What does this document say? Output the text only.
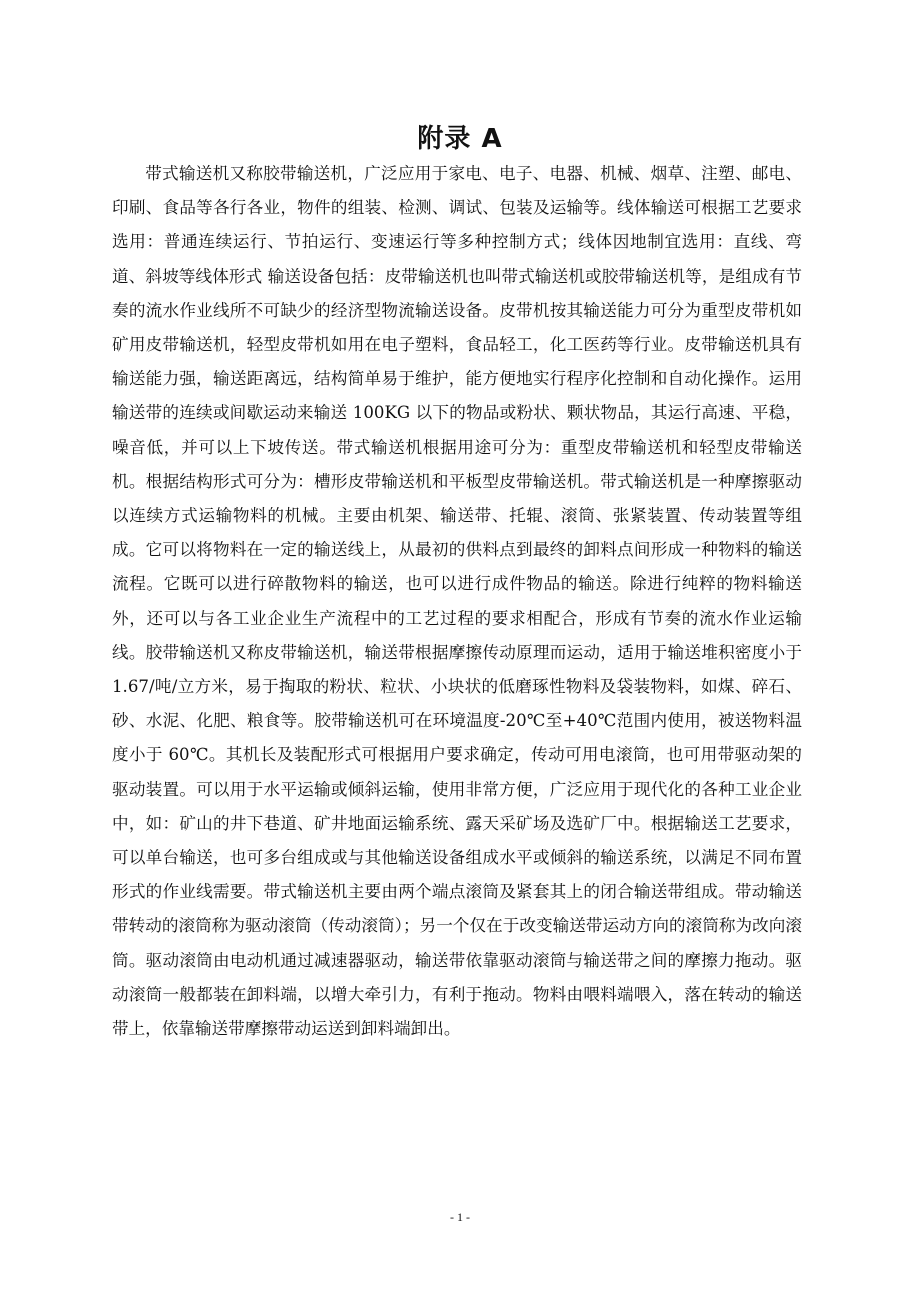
附录 A

带式输送机又称胶带输送机，广泛应用于家电、电子、电器、机械、烟草、注塑、邮电、印刷、食品等各行各业，物件的组装、检测、调试、包装及运输等。线体输送可根据工艺要求选用：普通连续运行、节拍运行、变速运行等多种控制方式；线体因地制宜选用：直线、弯道、斜坡等线体形式 输送设备包括：皮带输送机也叫带式输送机或胶带输送机等，是组成有节奏的流水作业线所不可缺少的经济型物流输送设备。皮带机按其输送能力可分为重型皮带机如矿用皮带输送机，轻型皮带机如用在电子塑料，食品轻工，化工医药等行业。皮带输送机具有输送能力强，输送距离远，结构简单易于维护，能方便地实行程序化控制和自动化操作。运用输送带的连续或间歇运动来输送 100KG 以下的物品或粉状、颗状物品，其运行高速、平稳，噪音低，并可以上下坡传送。带式输送机根据用途可分为：重型皮带输送机和轻型皮带输送机。根据结构形式可分为：槽形皮带输送机和平板型皮带输送机。带式输送机是一种摩擦驱动以连续方式运输物料的机械。主要由机架、输送带、托辊、滚筒、张紧装置、传动装置等组成。它可以将物料在一定的输送线上，从最初的供料点到最终的卸料点间形成一种物料的输送流程。它既可以进行碎散物料的输送，也可以进行成件物品的输送。除进行纯粹的物料输送外，还可以与各工业企业生产流程中的工艺过程的要求相配合，形成有节奏的流水作业运输线。胶带输送机又称皮带输送机，输送带根据摩擦传动原理而运动，适用于输送堆积密度小于 1.67/吨/立方米，易于掏取的粉状、粒状、小块状的低磨琢性物料及袋装物料，如煤、碎石、砂、水泥、化肥、粮食等。胶带输送机可在环境温度-20℃至+40℃范围内使用，被送物料温度小于 60℃。其机长及装配形式可根据用户要求确定，传动可用电滚筒，也可用带驱动架的驱动装置。可以用于水平运输或倾斜运输，使用非常方便，广泛应用于现代化的各种工业企业中，如：矿山的井下巷道、矿井地面运输系统、露天采矿场及选矿厂中。根据输送工艺要求，可以单台输送，也可多台组成或与其他输送设备组成水平或倾斜的输送系统，以满足不同布置形式的作业线需要。带式输送机主要由两个端点滚筒及紧套其上的闭合输送带组成。带动输送带转动的滚筒称为驱动滚筒（传动滚筒）；另一个仅在于改变输送带运动方向的滚筒称为改向滚筒。驱动滚筒由电动机通过减速器驱动，输送带依靠驱动滚筒与输送带之间的摩擦力拖动。驱动滚筒一般都装在卸料端，以增大牵引力，有利于拖动。物料由喂料端喂入，落在转动的输送带上，依靠输送带摩擦带动运送到卸料端卸出。

- 1 -
